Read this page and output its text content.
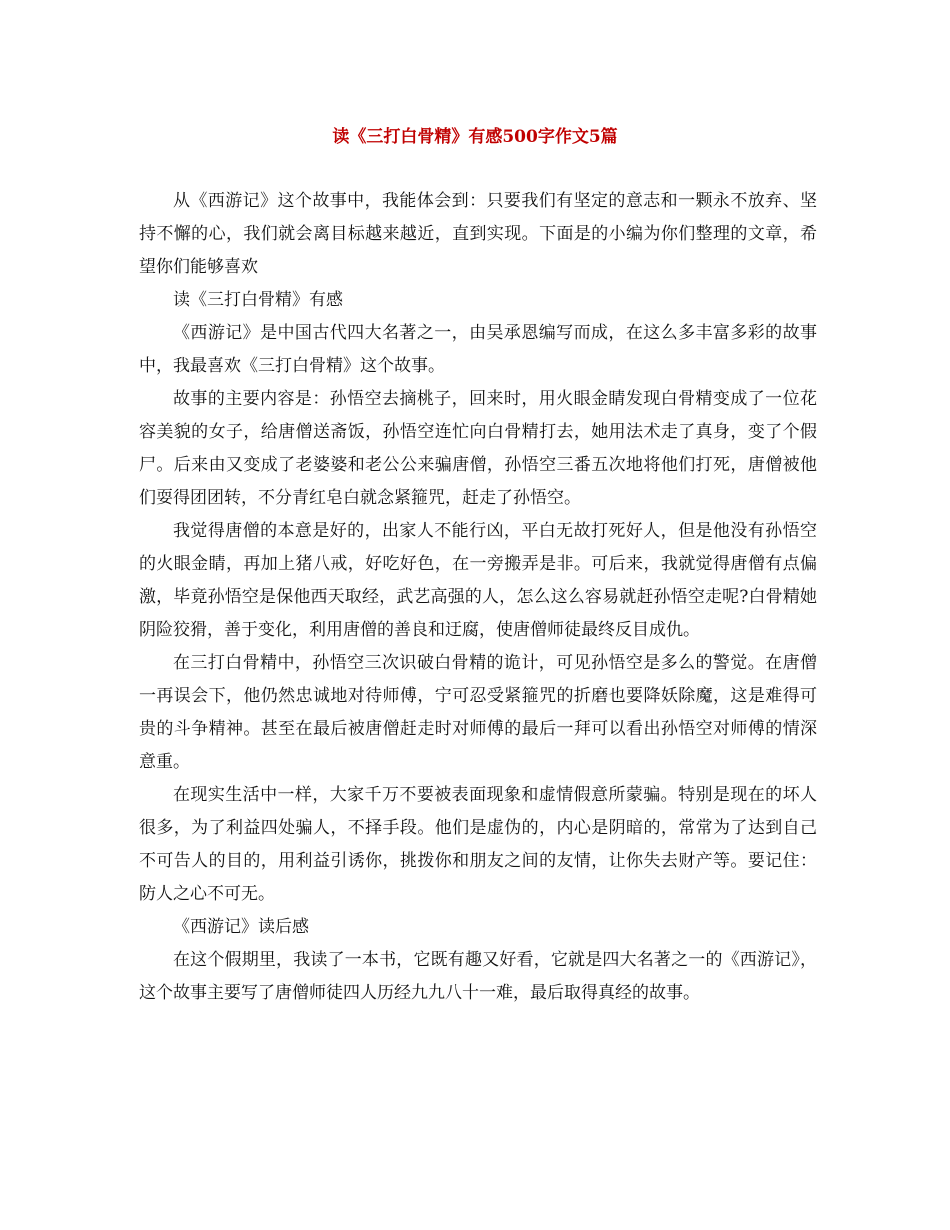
读《三打白骨精》有感500字作文5篇

从《西游记》这个故事中，我能体会到：只要我们有坚定的意志和一颗永不放弃、坚持不懈的心，我们就会离目标越来越近，直到实现。下面是的小编为你们整理的文章，希望你们能够喜欢

读《三打白骨精》有感

《西游记》是中国古代四大名著之一，由吴承恩编写而成，在这么多丰富多彩的故事中，我最喜欢《三打白骨精》这个故事。

故事的主要内容是：孙悟空去摘桃子，回来时，用火眼金睛发现白骨精变成了一位花容美貌的女子，给唐僧送斋饭，孙悟空连忙向白骨精打去，她用法术走了真身，变了个假尸。后来由又变成了老婆婆和老公公来骗唐僧，孙悟空三番五次地将他们打死，唐僧被他们耍得团团转，不分青红皂白就念紧箍咒，赶走了孙悟空。

我觉得唐僧的本意是好的，出家人不能行凶，平白无故打死好人，但是他没有孙悟空的火眼金睛，再加上猪八戒，好吃好色，在一旁搬弄是非。可后来，我就觉得唐僧有点偏激，毕竟孙悟空是保他西天取经，武艺高强的人，怎么这么容易就赶孙悟空走呢?白骨精她阴险狡猾，善于变化，利用唐僧的善良和迂腐，使唐僧师徒最终反目成仇。

在三打白骨精中，孙悟空三次识破白骨精的诡计，可见孙悟空是多么的警觉。在唐僧一再误会下，他仍然忠诚地对待师傅，宁可忍受紧箍咒的折磨也要降妖除魔，这是难得可贵的斗争精神。甚至在最后被唐僧赶走时对师傅的最后一拜可以看出孙悟空对师傅的情深意重。

在现实生活中一样，大家千万不要被表面现象和虚情假意所蒙骗。特别是现在的坏人很多，为了利益四处骗人，不择手段。他们是虚伪的，内心是阴暗的，常常为了达到自己不可告人的目的，用利益引诱你，挑拨你和朋友之间的友情，让你失去财产等。要记住：防人之心不可无。

《西游记》读后感

在这个假期里，我读了一本书，它既有趣又好看，它就是四大名著之一的《西游记》，这个故事主要写了唐僧师徒四人历经九九八十一难，最后取得真经的故事。
